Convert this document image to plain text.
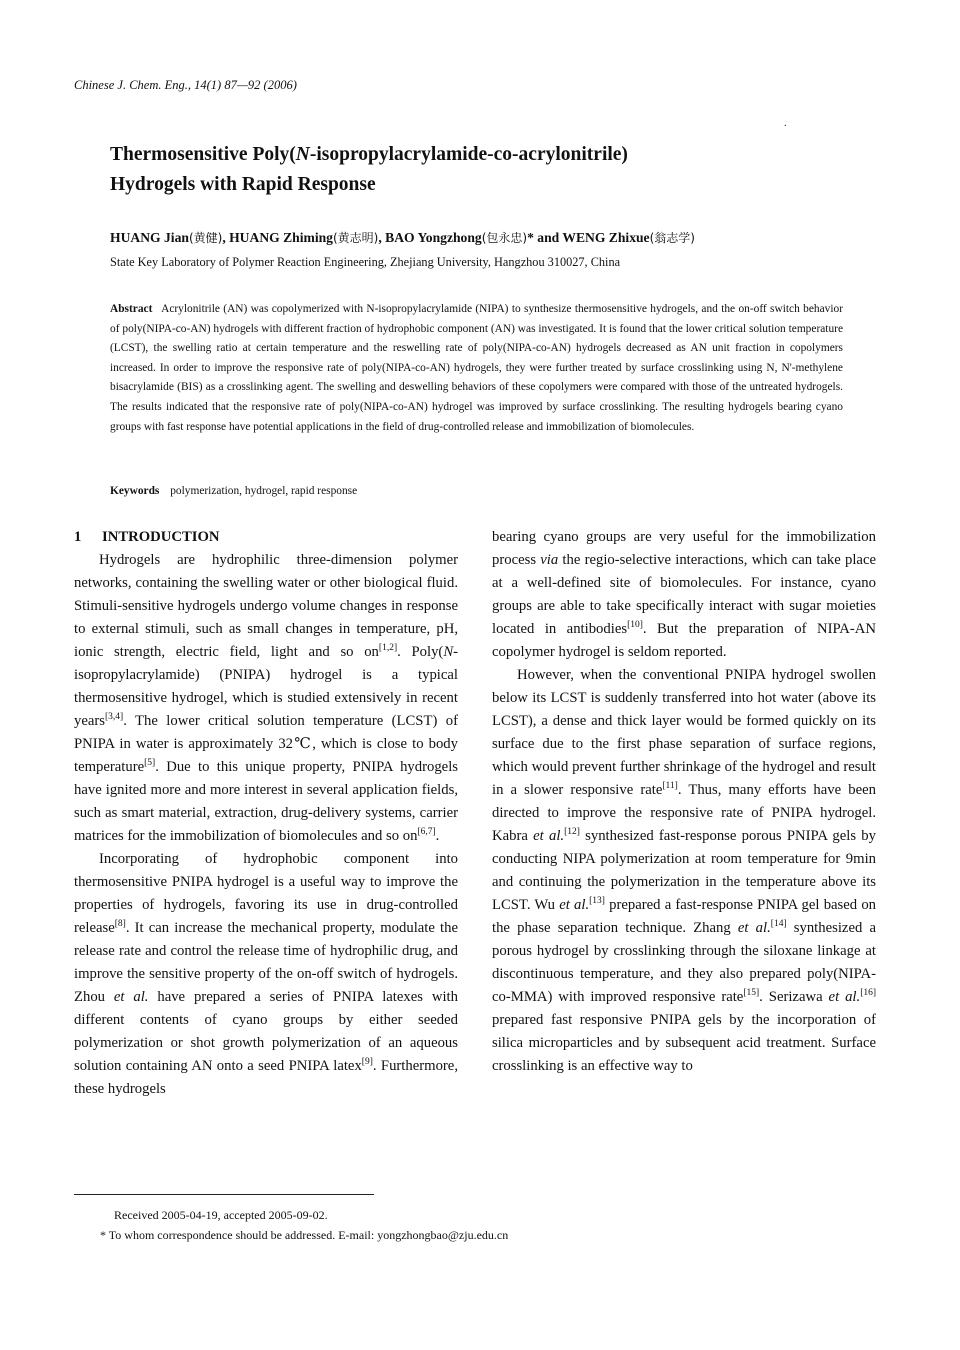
Chinese J. Chem. Eng., 14(1) 87—92 (2006)
.
Thermosensitive Poly(N-isopropylacrylamide-co-acrylonitrile)
Hydrogels with Rapid Response
HUANG Jian(黄健), HUANG Zhiming(黄志明), BAO Yongzhong(包永忠)* and WENG Zhixue(翁志学)
State Key Laboratory of Polymer Reaction Engineering, Zhejiang University, Hangzhou 310027, China
Abstract Acrylonitrile (AN) was copolymerized with N-isopropylacrylamide (NIPA) to synthesize thermosensitive hydrogels, and the on-off switch behavior of poly(NIPA-co-AN) hydrogels with different fraction of hydrophobic component (AN) was investigated. It is found that the lower critical solution temperature (LCST), the swelling ratio at certain temperature and the reswelling rate of poly(NIPA-co-AN) hydrogels decreased as AN unit fraction in copolymers increased. In order to improve the responsive rate of poly(NIPA-co-AN) hydrogels, they were further treated by surface crosslinking using N, N'-methylene bisacrylamide (BIS) as a crosslinking agent. The swelling and deswelling behaviors of these copolymers were compared with those of the untreated hydrogels. The results indicated that the responsive rate of poly(NIPA-co-AN) hydrogel was improved by surface crosslinking. The resulting hydrogels bearing cyano groups with fast response have potential applications in the field of drug-controlled release and immobilization of biomolecules.
Keywords polymerization, hydrogel, rapid response
1 INTRODUCTION

Hydrogels are hydrophilic three-dimension polymer networks, containing the swelling water or other biological fluid. Stimuli-sensitive hydrogels undergo volume changes in response to external stimuli, such as small changes in temperature, pH, ionic strength, electric field, light and so on[1,2]. Poly(N-isopropylacrylamide) (PNIPA) hydrogel is a typical thermosensitive hydrogel, which is studied extensively in recent years[3,4]. The lower critical solution temperature (LCST) of PNIPA in water is approximately 32℃, which is close to body temperature[5]. Due to this unique property, PNIPA hydrogels have ignited more and more interest in several application fields, such as smart material, extraction, drug-delivery systems, carrier matrices for the immobilization of biomolecules and so on[6,7].

Incorporating of hydrophobic component into thermosensitive PNIPA hydrogel is a useful way to improve the properties of hydrogels, favoring its use in drug-controlled release[8]. It can increase the mechanical property, modulate the release rate and control the release time of hydrophilic drug, and improve the sensitive property of the on-off switch of hydrogels. Zhou et al. have prepared a series of PNIPA latexes with different contents of cyano groups by either seeded polymerization or shot growth polymerization of an aqueous solution containing AN onto a seed PNIPA latex[9]. Furthermore, these hydrogels

bearing cyano groups are very useful for the immobilization process via the regio-selective interactions, which can take place at a well-defined site of biomolecules. For instance, cyano groups are able to take specifically interact with sugar moieties located in antibodies[10]. But the preparation of NIPA-AN copolymer hydrogel is seldom reported.

However, when the conventional PNIPA hydrogel swollen below its LCST is suddenly transferred into hot water (above its LCST), a dense and thick layer would be formed quickly on its surface due to the first phase separation of surface regions, which would prevent further shrinkage of the hydrogel and result in a slower responsive rate[11]. Thus, many efforts have been directed to improve the responsive rate of PNIPA hydrogel. Kabra et al.[12] synthesized fast-response porous PNIPA gels by conducting NIPA polymerization at room temperature for 9min and continuing the polymerization in the temperature above its LCST. Wu et al.[13] prepared a fast-response PNIPA gel based on the phase separation technique. Zhang et al.[14] synthesized a porous hydrogel by crosslinking through the siloxane linkage at discontinuous temperature, and they also prepared poly(NIPA-co-MMA) with improved responsive rate[15]. Serizawa et al.[16] prepared fast responsive PNIPA gels by the incorporation of silica microparticles and by subsequent acid treatment. Surface crosslinking is an effective way to

Received 2005-04-19, accepted 2005-09-02.
* To whom correspondence should be addressed. E-mail: yongzhongbao@zju.edu.cn
